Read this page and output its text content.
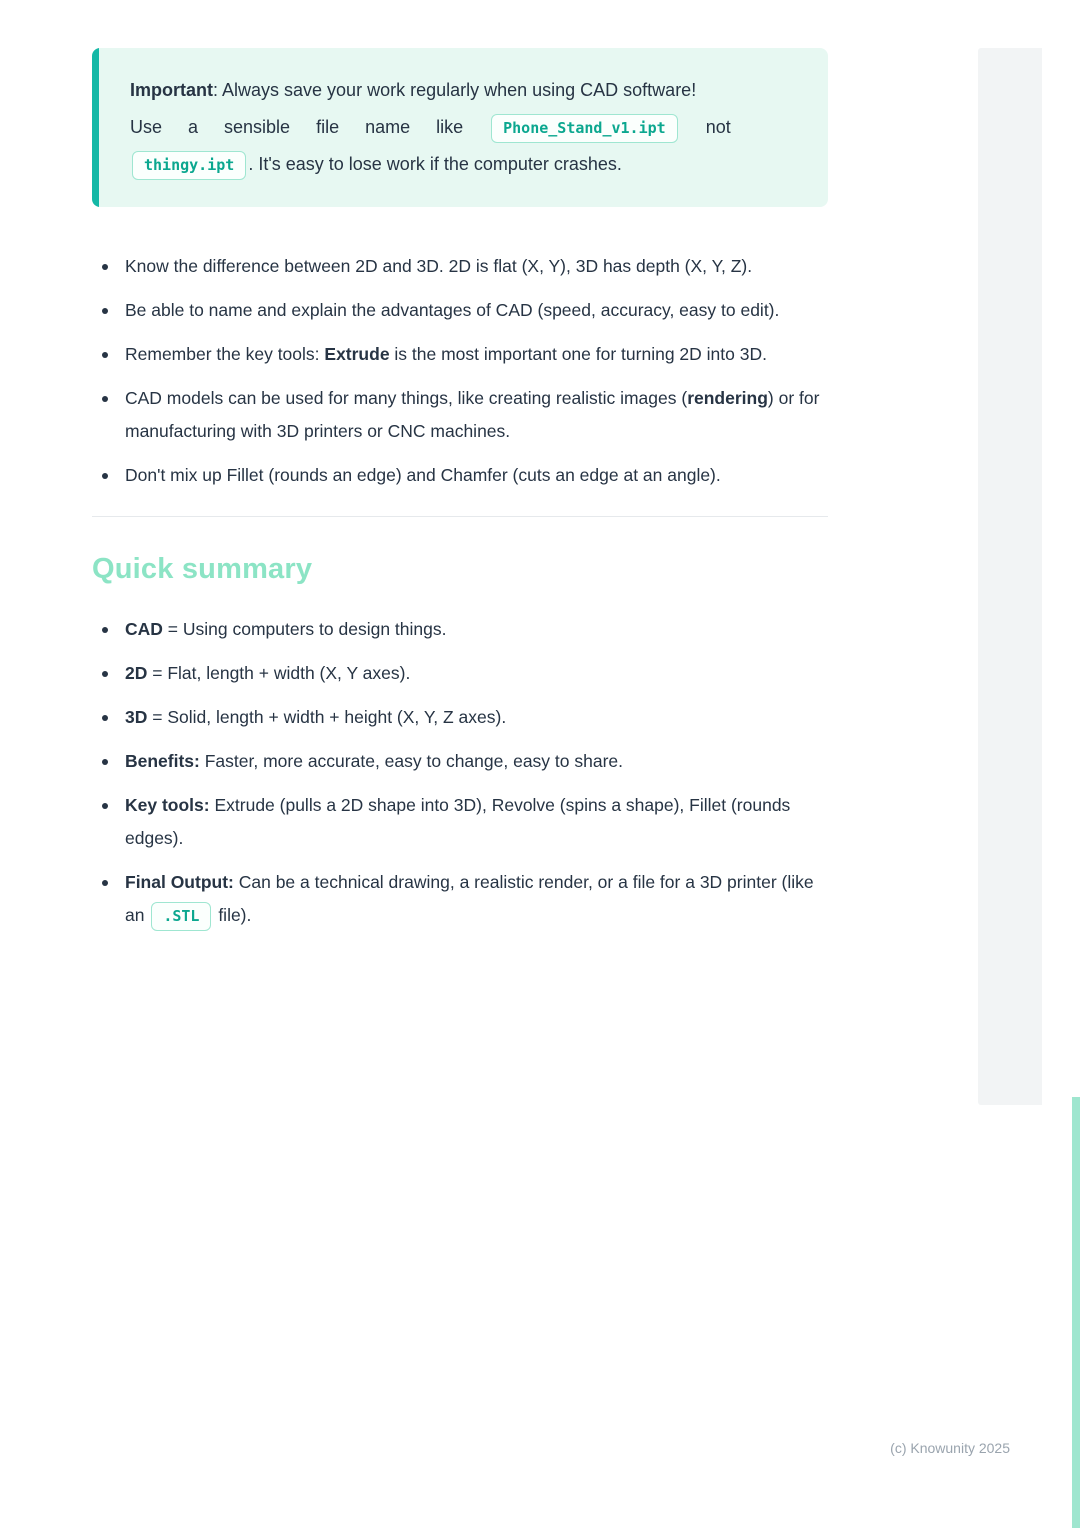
Important: Always save your work regularly when using CAD software!
Use a sensible file name like Phone_Stand_v1.ipt not
thingy.ipt . It's easy to lose work if the computer crashes.

Know the difference between 2D and 3D. 2D is flat (X, Y), 3D has depth (X, Y, Z).
Be able to name and explain the advantages of CAD (speed, accuracy, easy to edit).
Remember the key tools: Extrude is the most important one for turning 2D into 3D.
CAD models can be used for many things, like creating realistic images (rendering) or for manufacturing with 3D printers or CNC machines.
Don't mix up Fillet (rounds an edge) and Chamfer (cuts an edge at an angle).
Quick summary
CAD = Using computers to design things.
2D = Flat, length + width (X, Y axes).
3D = Solid, length + width + height (X, Y, Z axes).
Benefits: Faster, more accurate, easy to change, easy to share.
Key tools: Extrude (pulls a 2D shape into 3D), Revolve (spins a shape), Fillet (rounds edges).
Final Output: Can be a technical drawing, a realistic render, or a file for a 3D printer (like an .STL file).
(c) Knowunity 2025
